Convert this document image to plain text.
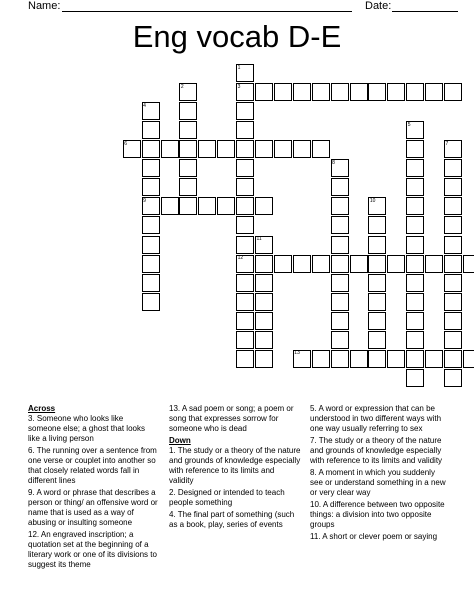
Name:	Date:
Eng vocab D-E
1
2	3
4
5
6	7
8
9	10
11
12
13
Across
3. Someone who looks like someone else; a ghost that looks like a living person
6. The running over a sentence from one verse or couplet into another so that closely related words fall in different lines
9. A word or phrase that describes a person or thing/ an offensive word or name that is used as a way of abusing or insulting someone
12. An engraved inscription; a quotation set at the beginning of a literary work or one of its divisions to suggest its theme
13. A sad poem or song; a poem or song that expresses sorrow for someone who is dead
Down
1. The study or a theory of the nature and grounds of knowledge especially with reference to its limits and validity
2. Designed or intended to teach people something
4. The final part of something (such as a book, play, series of events
5. A word or expression that can be understood in two different ways with one way usually referring to sex
7. The study or a theory of the nature and grounds of knowledge especially with reference to its limits and validity
8. A moment in which you suddenly see or understand something in a new or very clear way
10. A difference between two opposite things: a division into two opposite groups
11. A short or clever poem or saying
